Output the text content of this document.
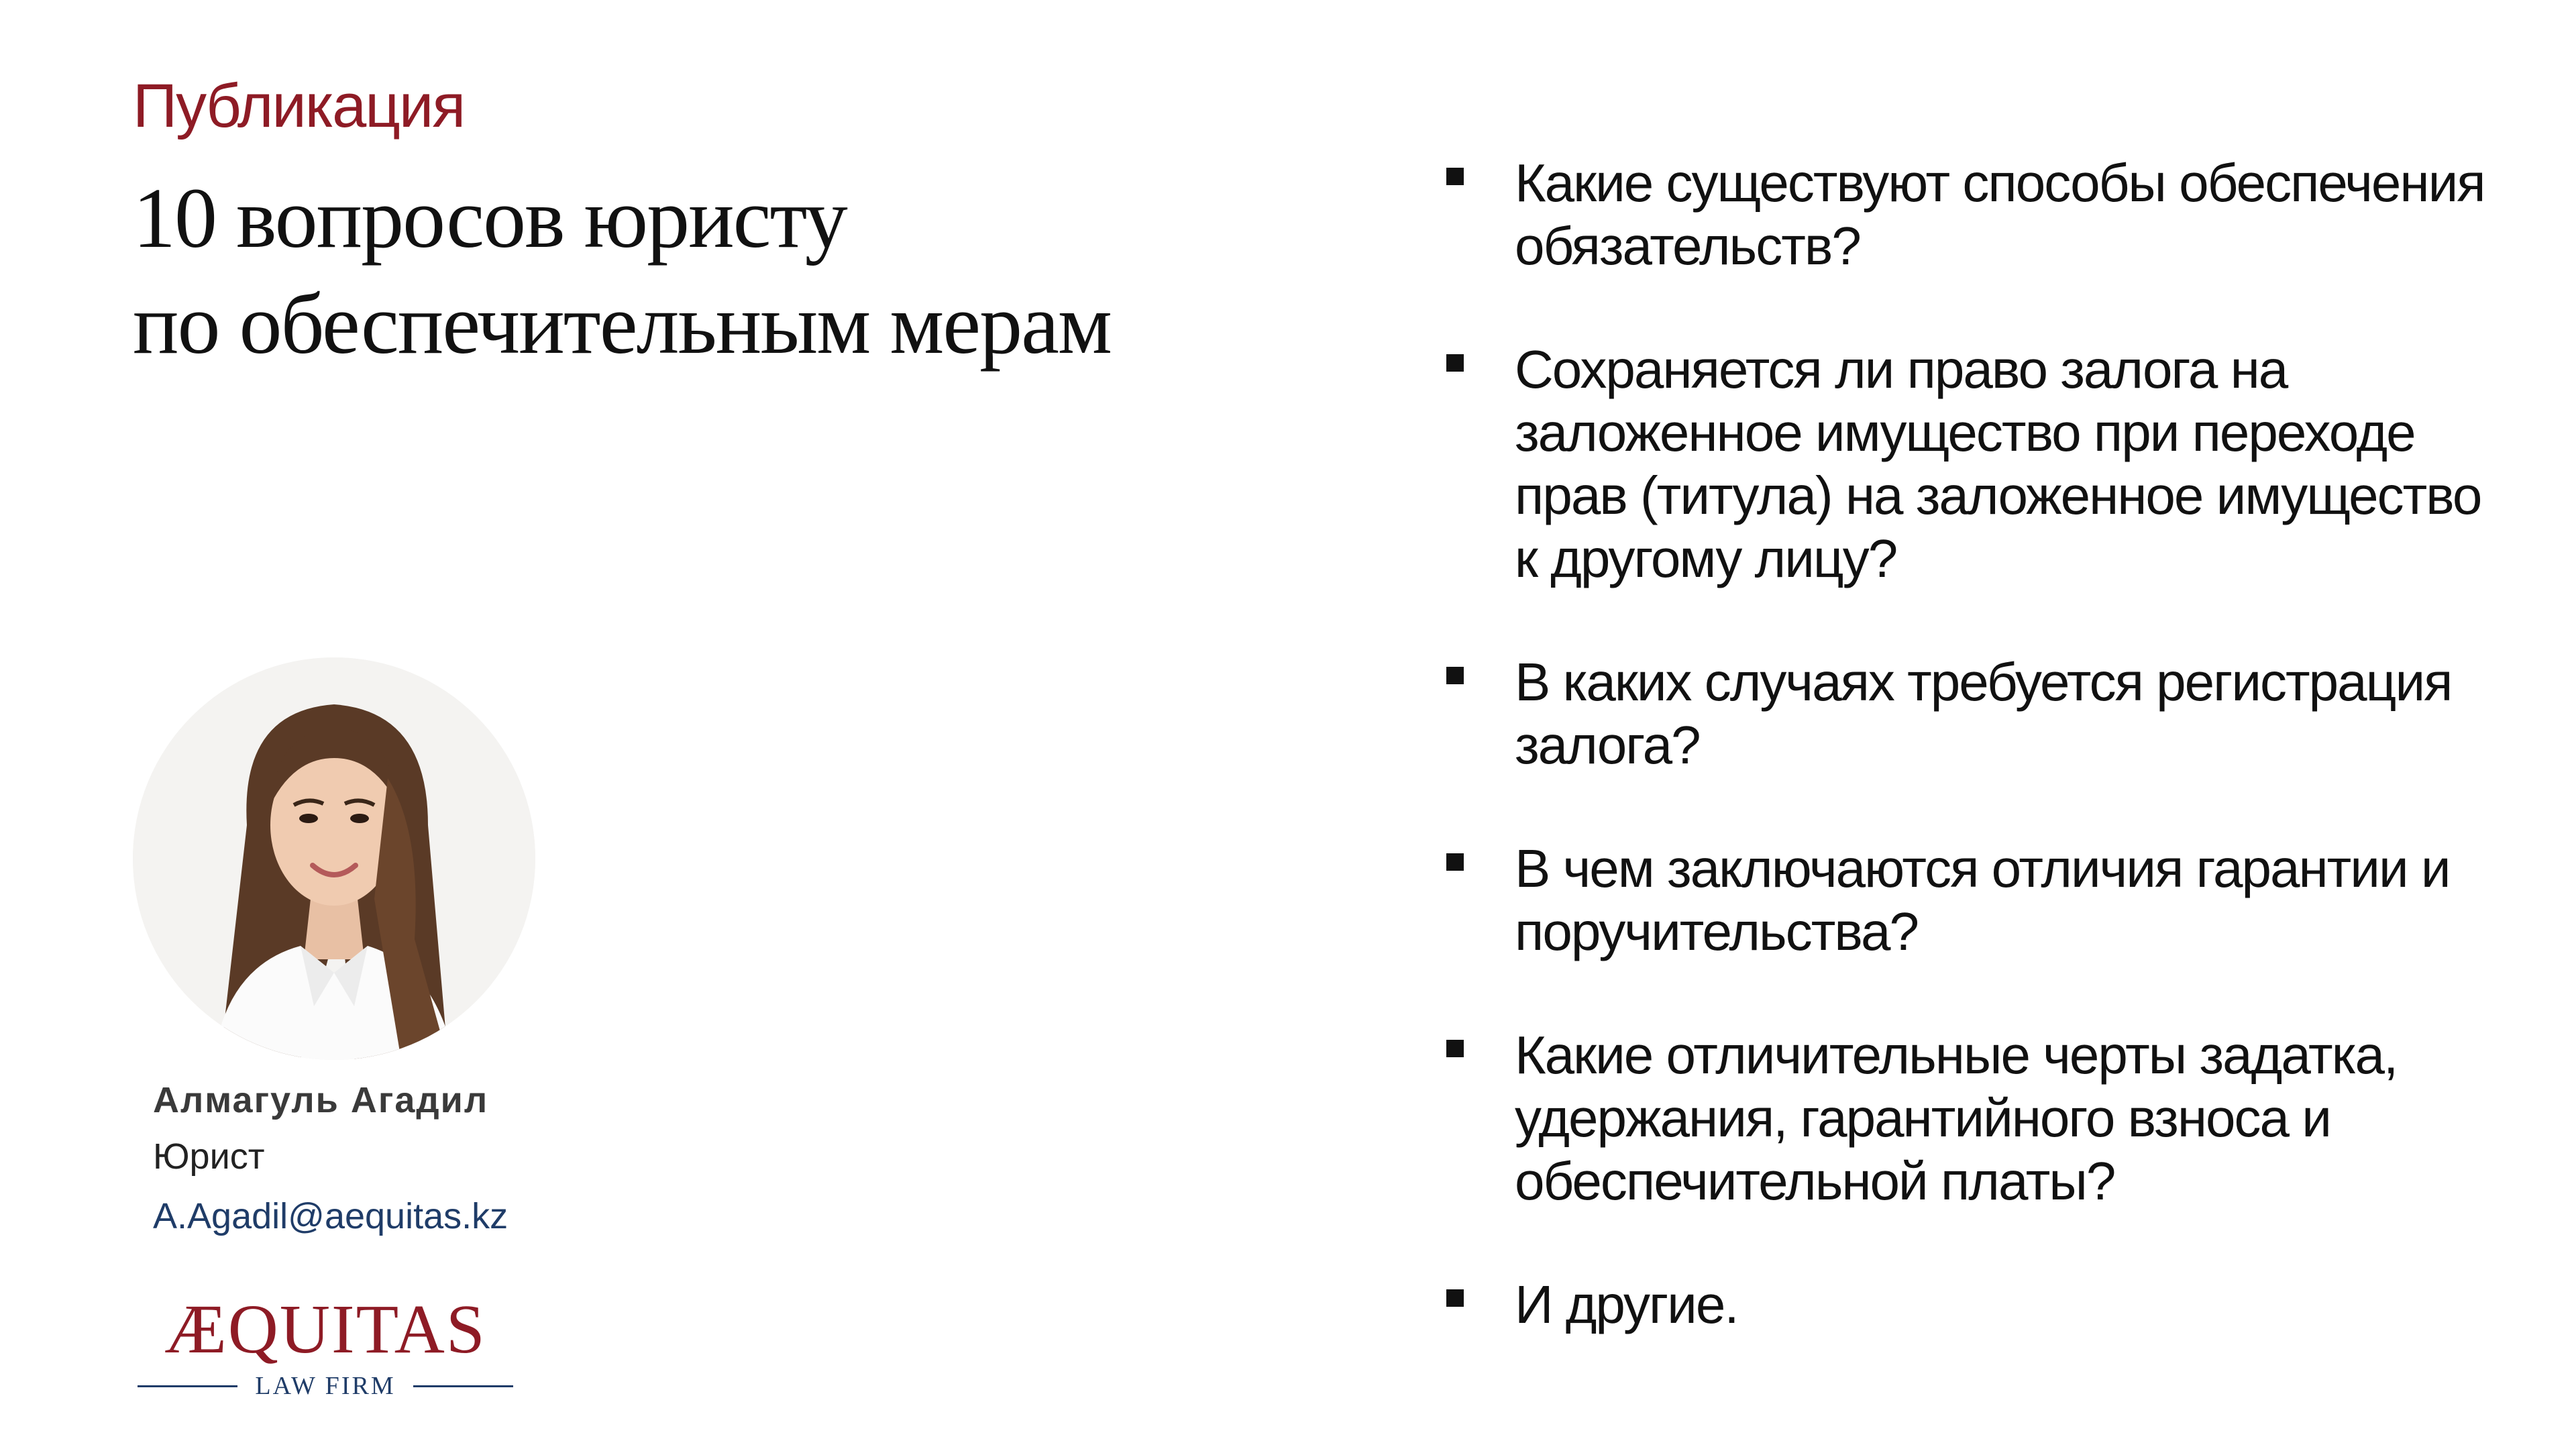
Публикация
10 вопросов юристу
по обеспечительным мерам
Алмагуль Агадил
Юрист
A.Agadil@aequitas.kz
ÆQUITAS
LAW FIRM
Какие существуют способы обеспечения обязательств?
Сохраняется ли право залога на заложенное имущество при переходе прав (титула) на заложенное имущество к другому лицу?
В каких случаях требуется регистрация залога?
В чем заключаются отличия гарантии и поручительства?
Какие отличительные черты задатка, удержания, гарантийного взноса и обеспечительной платы?
И другие.
